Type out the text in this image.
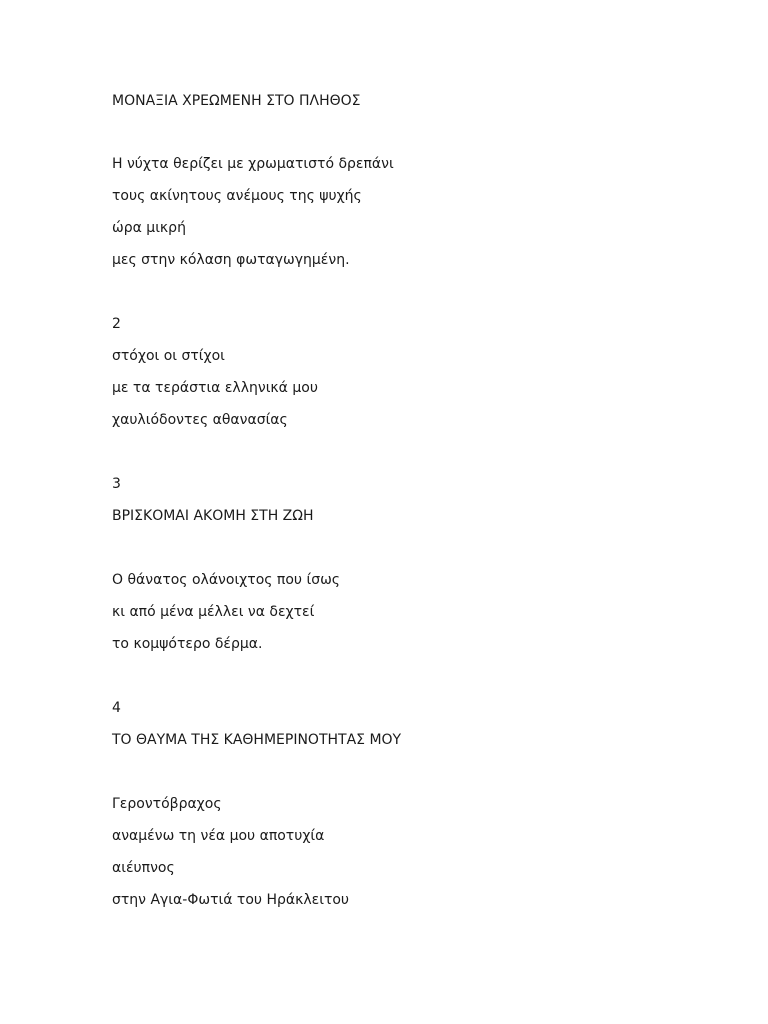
ΜΟΝΑΞΙΑ ΧΡΕΩΜΕΝΗ ΣΤΟ ΠΛΗΘΟΣ
Η νύχτα θερίζει με χρωματιστό δρεπάνι
τους ακίνητους ανέμους της ψυχής
ώρα μικρή
μες στην κόλαση φωταγωγημένη.
2
στόχοι οι στίχοι
με τα τεράστια ελληνικά μου
χαυλιόδοντες αθανασίας
3
ΒΡΙΣΚΟΜΑΙ ΑΚΟΜΗ ΣΤΗ ΖΩΗ
Ο θάνατος ολάνοιχτος που ίσως
κι από μένα μέλλει να δεχτεί
το κομψότερο δέρμα.
4
ΤΟ ΘΑΥΜΑ ΤΗΣ ΚΑΘΗΜΕΡΙΝΟΤΗΤΑΣ ΜΟΥ
Γεροντόβραχος
αναμένω τη νέα μου αποτυχία
αιέυπνος
στην Αγια-Φωτιά του Ηράκλειτου
